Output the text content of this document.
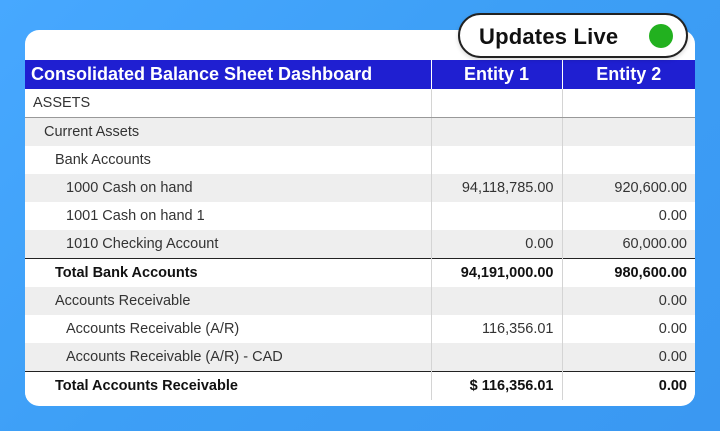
Consolidated Balance Sheet Dashboard	Entity 1	Entity 2
ASSETS		
Current Assets		
Bank Accounts		
1000 Cash on hand	94,118,785.00	920,600.00
1001 Cash on hand 1		0.00
1010 Checking Account	0.00	60,000.00
Total Bank Accounts	94,191,000.00	980,600.00
Accounts Receivable		0.00
Accounts Receivable (A/R)	116,356.01	0.00
Accounts Receivable (A/R) - CAD		0.00
Total Accounts Receivable	$ 116,356.01	0.00
Updates Live
